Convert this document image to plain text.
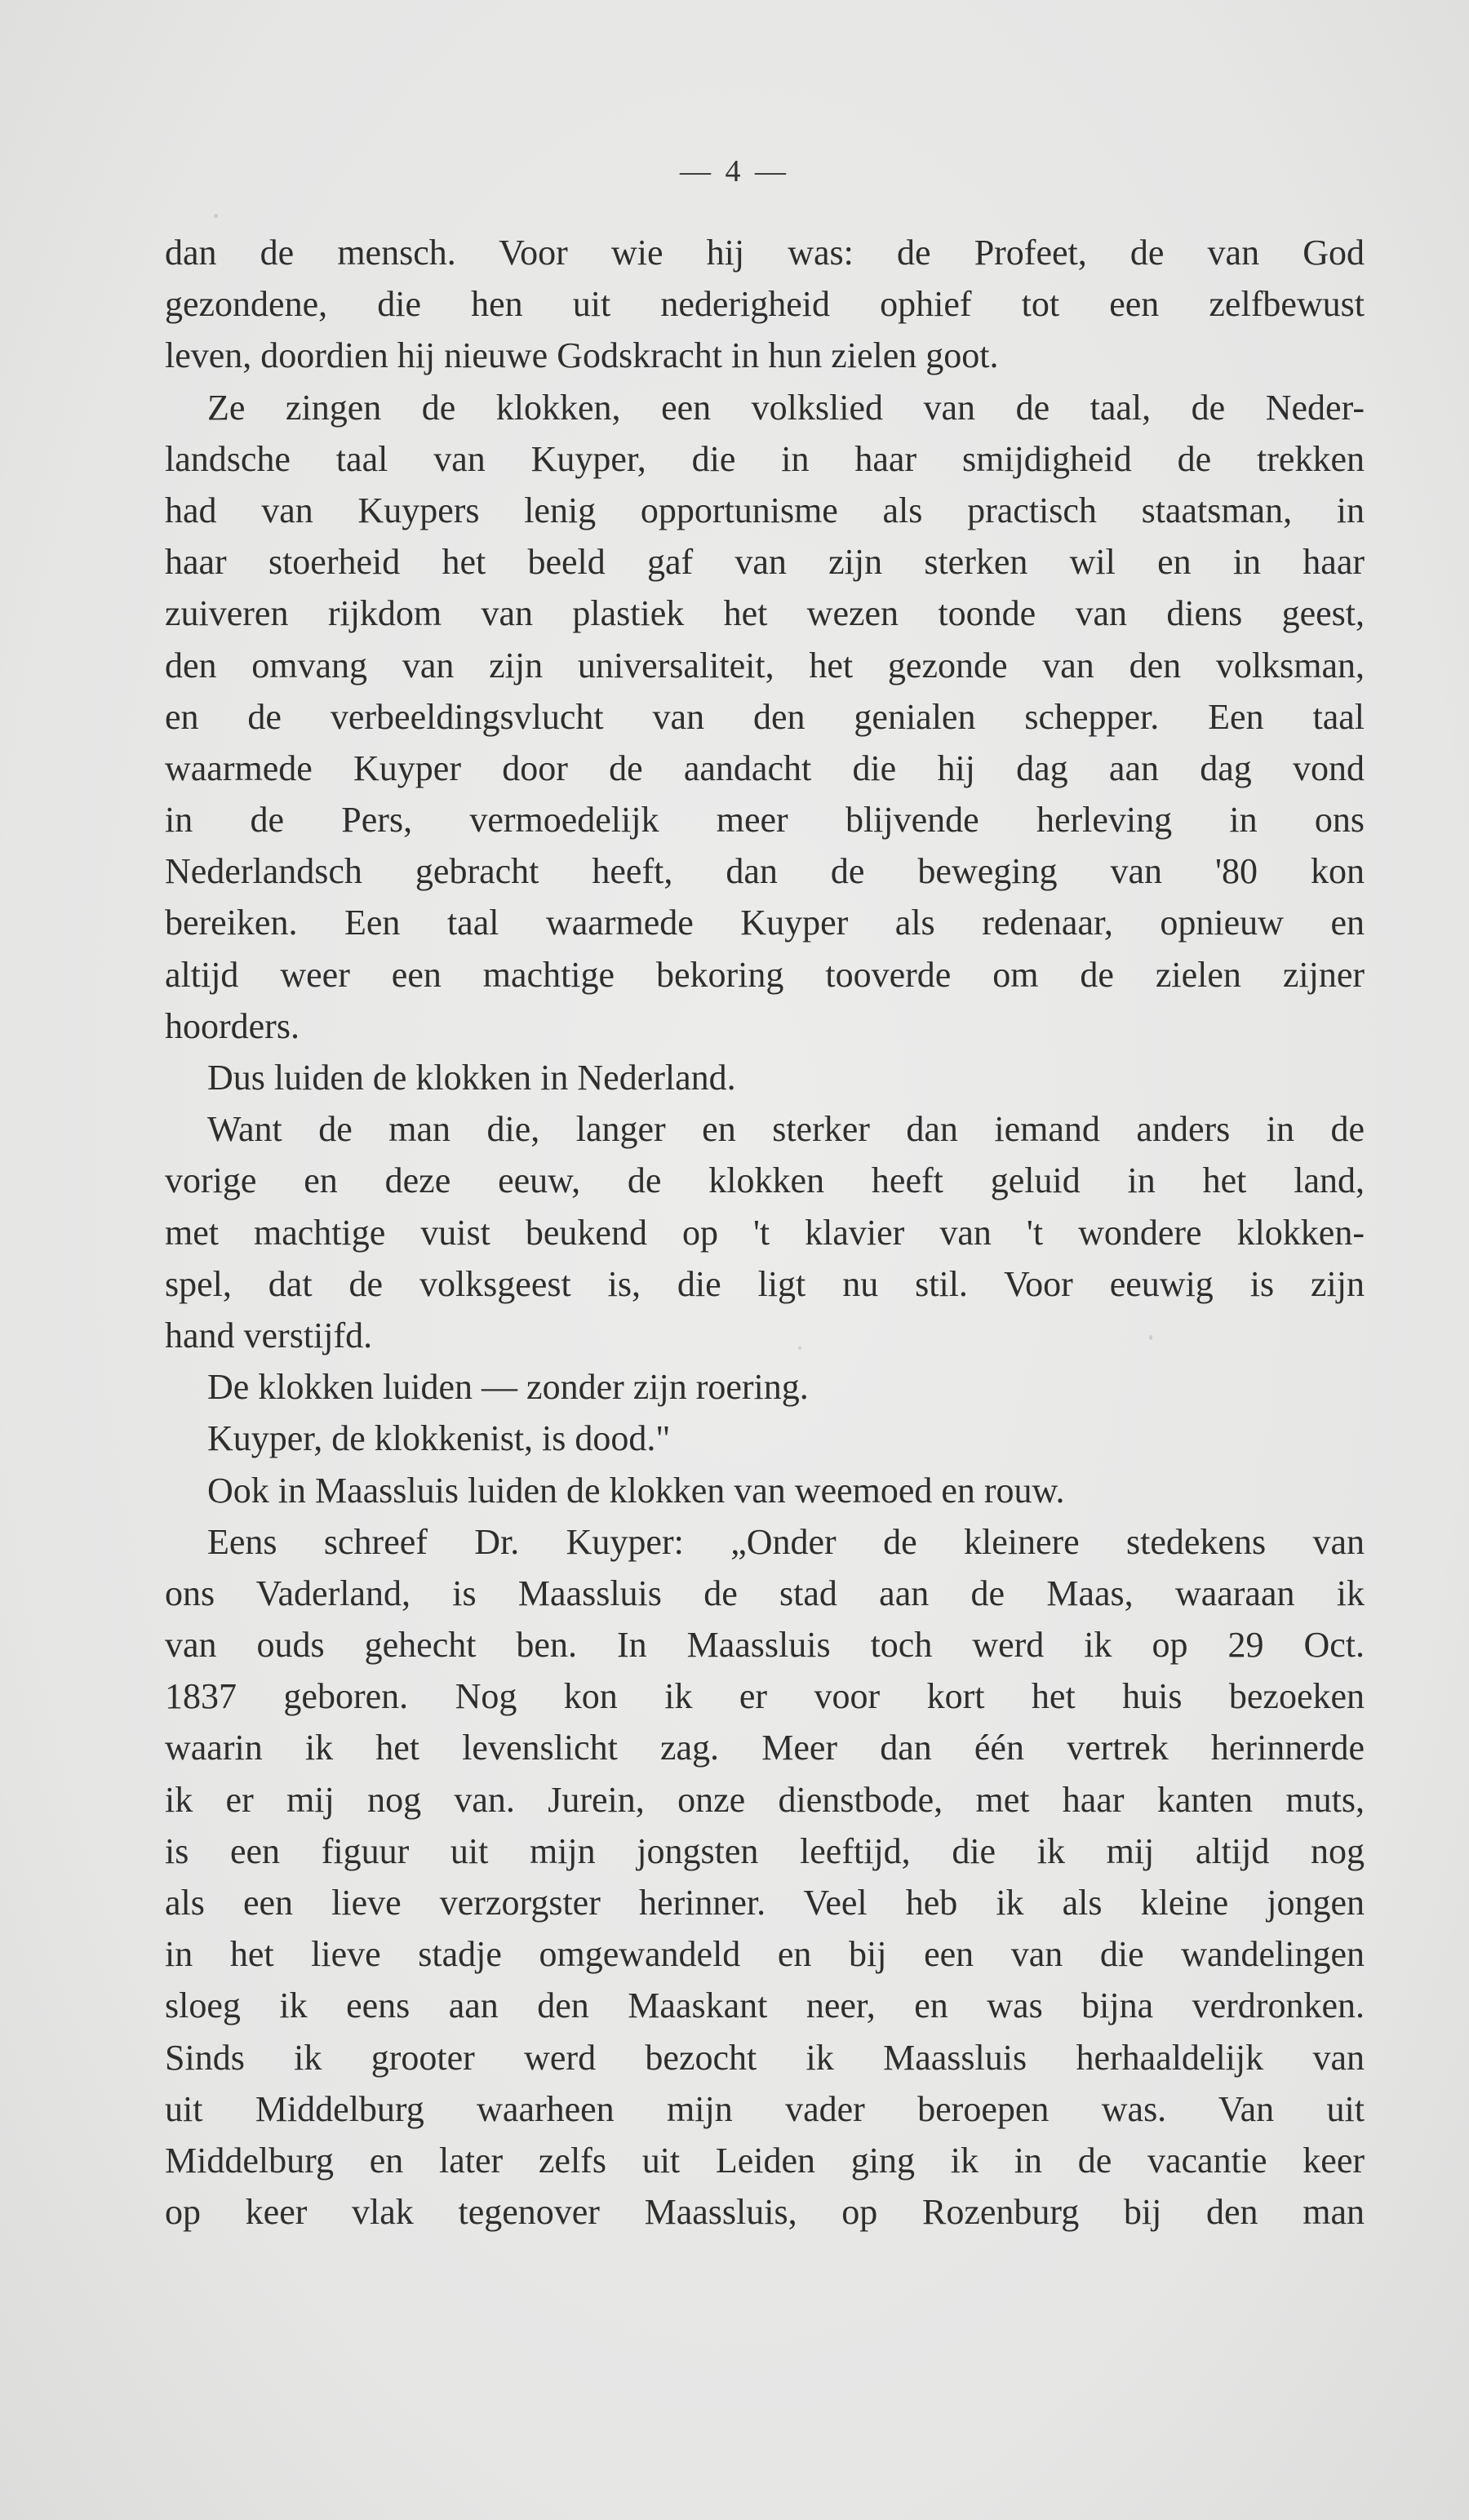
— 4 —
dan de mensch. Voor wie hij was: de Profeet, de van God
gezondene, die hen uit nederigheid ophief tot een zelfbewust
leven, doordien hij nieuwe Godskracht in hun zielen goot.
Ze zingen de klokken, een volkslied van de taal, de Neder-
landsche taal van Kuyper, die in haar smijdigheid de trekken
had van Kuypers lenig opportunisme als practisch staatsman, in
haar stoerheid het beeld gaf van zijn sterken wil en in haar
zuiveren rijkdom van plastiek het wezen toonde van diens geest,
den omvang van zijn universaliteit, het gezonde van den volksman,
en de verbeeldingsvlucht van den genialen schepper. Een taal
waarmede Kuyper door de aandacht die hij dag aan dag vond
in de Pers, vermoedelijk meer blijvende herleving in ons
Nederlandsch gebracht heeft, dan de beweging van '80 kon
bereiken. Een taal waarmede Kuyper als redenaar, opnieuw en
altijd weer een machtige bekoring tooverde om de zielen zijner
hoorders.
Dus luiden de klokken in Nederland.
Want de man die, langer en sterker dan iemand anders in de
vorige en deze eeuw, de klokken heeft geluid in het land,
met machtige vuist beukend op 't klavier van 't wondere klokken-
spel, dat de volksgeest is, die ligt nu stil. Voor eeuwig is zijn
hand verstijfd.
De klokken luiden — zonder zijn roering.
Kuyper, de klokkenist, is dood."
Ook in Maassluis luiden de klokken van weemoed en rouw.
Eens schreef Dr. Kuyper: „Onder de kleinere stedekens van
ons Vaderland, is Maassluis de stad aan de Maas, waaraan ik
van ouds gehecht ben. In Maassluis toch werd ik op 29 Oct.
1837 geboren. Nog kon ik er voor kort het huis bezoeken
waarin ik het levenslicht zag. Meer dan één vertrek herinnerde
ik er mij nog van. Jurein, onze dienstbode, met haar kanten muts,
is een figuur uit mijn jongsten leeftijd, die ik mij altijd nog
als een lieve verzorgster herinner. Veel heb ik als kleine jongen
in het lieve stadje omgewandeld en bij een van die wandelingen
sloeg ik eens aan den Maaskant neer, en was bijna verdronken.
Sinds ik grooter werd bezocht ik Maassluis herhaaldelijk van
uit Middelburg waarheen mijn vader beroepen was. Van uit
Middelburg en later zelfs uit Leiden ging ik in de vacantie keer
op keer vlak tegenover Maassluis, op Rozenburg bij den man
